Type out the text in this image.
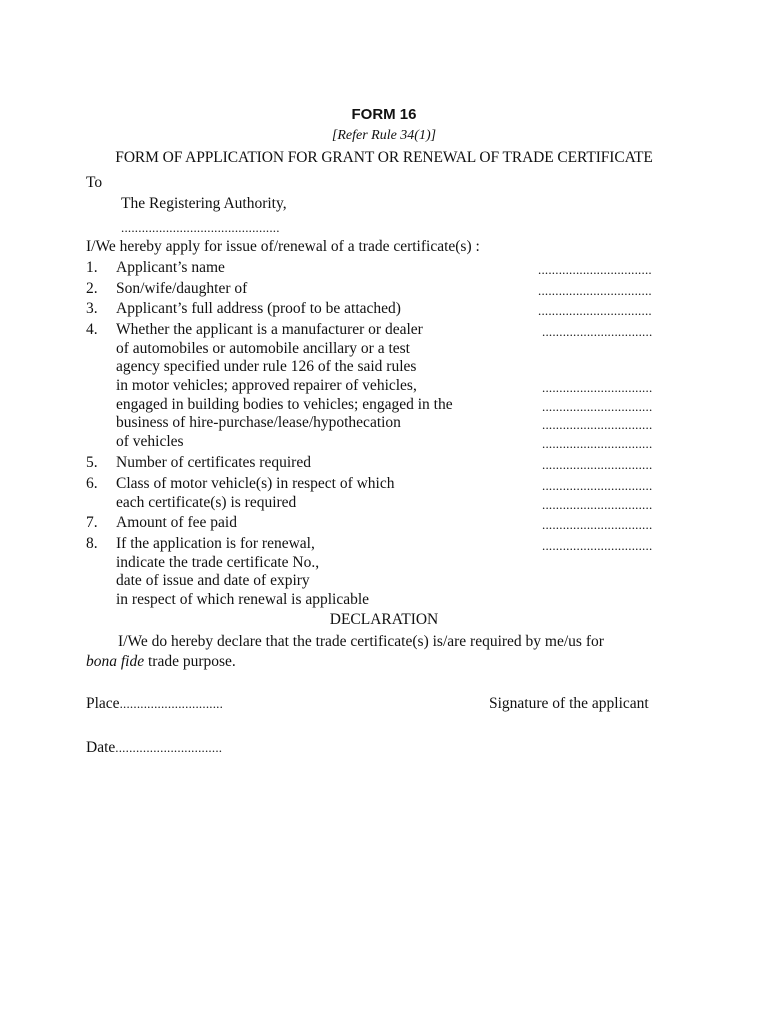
FORM 16
[Refer Rule 34(1)]
FORM OF APPLICATION FOR GRANT OR RENEWAL OF TRADE CERTIFICATE
To
The Registering Authority,
..............................................
I/We hereby apply for issue of/renewal of a trade certificate(s) :
1.	Applicant’s name	.................................
2.	Son/wife/daughter of	.................................
3.	Applicant’s full address (proof to be attached)	.................................
4.	Whether the applicant is a manufacturer or dealer
of automobiles or automobile ancillary or a test
agency specified under rule 126 of the said rules
in motor vehicles; approved repairer of vehicles,
engaged in building bodies to vehicles; engaged in the
business of hire-purchase/lease/hypothecation
of vehicles
................................
................................
................................
................................
................................
5.	Number of certificates required	................................
6.	Class of motor vehicle(s) in respect of which
each certificate(s) is required
................................
................................
7.	Amount of fee paid	................................
8.	If the application is for renewal,
indicate the trade certificate No.,
date of issue and date of expiry
in respect of which renewal is applicable
................................
DECLARATION
I/We do hereby declare that the trade certificate(s) is/are required by me/us for
bona fide trade purpose.
Place..............................	Signature of the applicant
Date...............................
